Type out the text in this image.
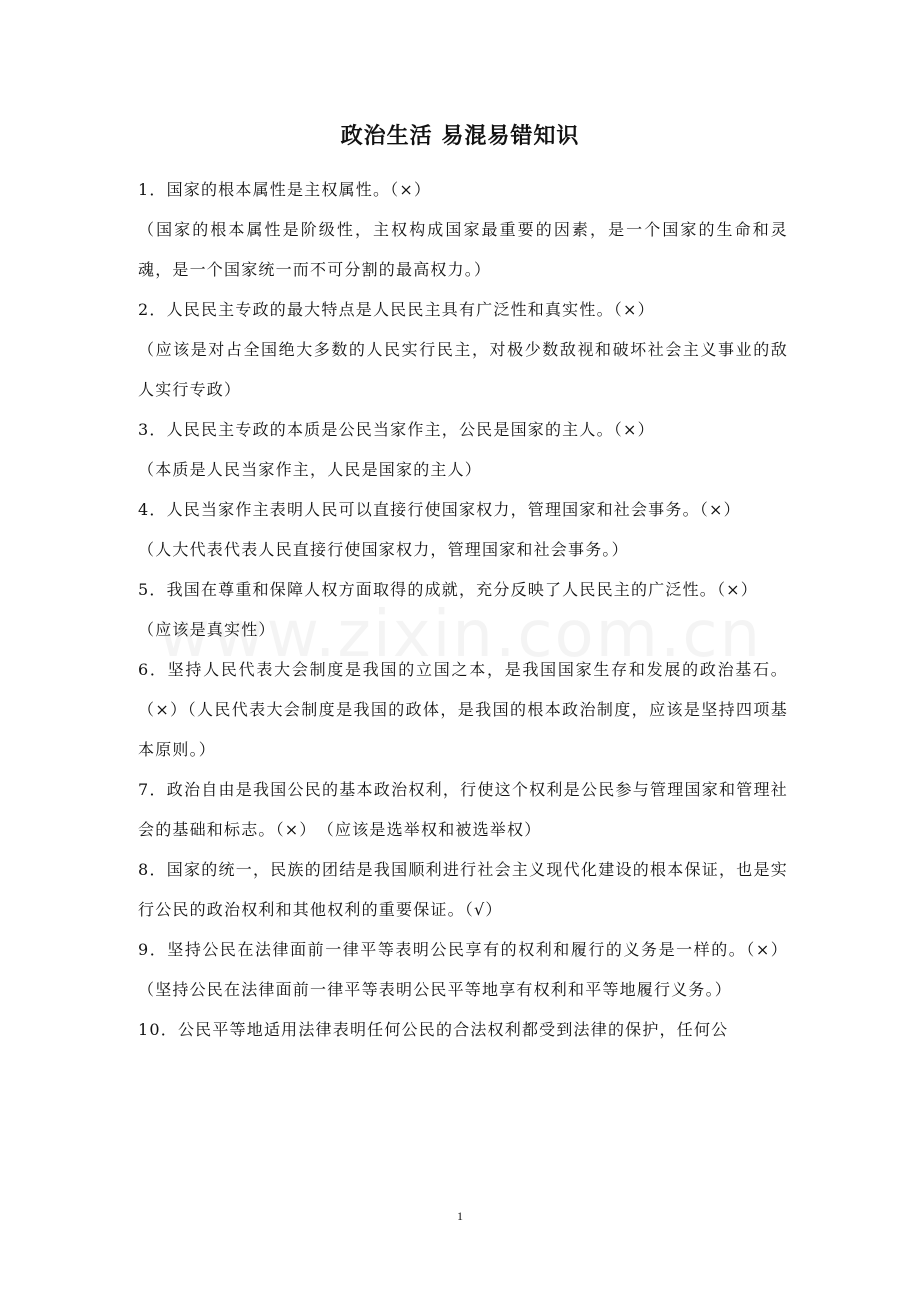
政治生活 易混易错知识

1．国家的根本属性是主权属性。（×）

（国家的根本属性是阶级性，主权构成国家最重要的因素，是一个国家的生命和灵魂，是一个国家统一而不可分割的最高权力。）

2．人民民主专政的最大特点是人民民主具有广泛性和真实性。（×）

（应该是对占全国绝大多数的人民实行民主，对极少数敌视和破坏社会主义事业的敌人实行专政）

3．人民民主专政的本质是公民当家作主，公民是国家的主人。（×）

（本质是人民当家作主，人民是国家的主人）

4．人民当家作主表明人民可以直接行使国家权力，管理国家和社会事务。（×）

（人大代表代表人民直接行使国家权力，管理国家和社会事务。）

5．我国在尊重和保障人权方面取得的成就，充分反映了人民民主的广泛性。（×）

（应该是真实性）

6．坚持人民代表大会制度是我国的立国之本，是我国国家生存和发展的政治基石。（×）（人民代表大会制度是我国的政体，是我国的根本政治制度，应该是坚持四项基本原则。）

7．政治自由是我国公民的基本政治权利，行使这个权利是公民参与管理国家和管理社会的基础和标志。（×）　（应该是选举权和被选举权）

8．国家的统一，民族的团结是我国顺利进行社会主义现代化建设的根本保证，也是实行公民的政治权利和其他权利的重要保证。（√）

9．坚持公民在法律面前一律平等表明公民享有的权利和履行的义务是一样的。（×）（坚持公民在法律面前一律平等表明公民平等地享有权利和平等地履行义务。）

10．公民平等地适用法律表明任何公民的合法权利都受到法律的保护，任何公

1
